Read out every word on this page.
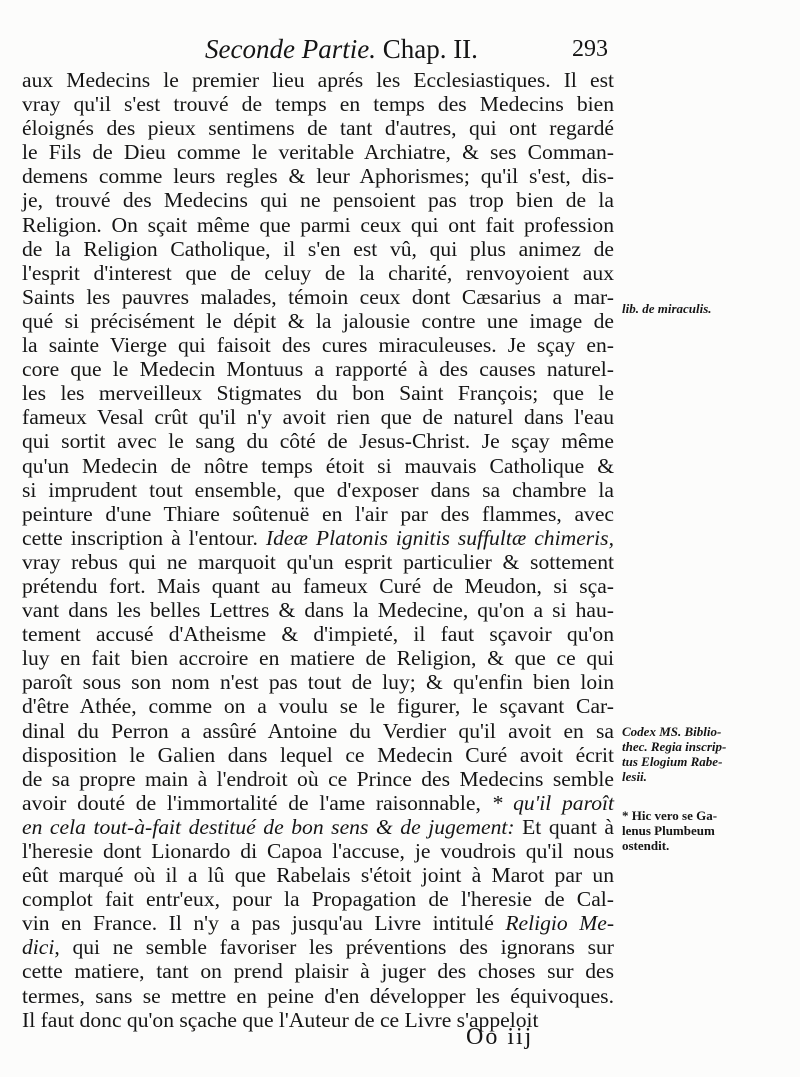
Seconde Partie. Chap. II.	293
aux Medecins le premier lieu aprés les Ecclesiastiques. Il est
vray qu'il s'est trouvé de temps en temps des Medecins bien
éloignés des pieux sentimens de tant d'autres, qui ont regardé
le Fils de Dieu comme le veritable Archiatre, & ses Comman-
demens comme leurs regles & leur Aphorismes; qu'il s'est, dis-
je, trouvé des Medecins qui ne pensoient pas trop bien de la
Religion. On sçait même que parmi ceux qui ont fait profession
de la Religion Catholique, il s'en est vû, qui plus animez de
l'esprit d'interest que de celuy de la charité, renvoyoient aux
Saints les pauvres malades, témoin ceux dont Cæsarius a mar-
qué si précisément le dépit & la jalousie contre une image de
la sainte Vierge qui faisoit des cures miraculeuses. Je sçay en-
core que le Medecin Montuus a rapporté à des causes naturel-
les les merveilleux Stigmates du bon Saint François; que le
fameux Vesal crût qu'il n'y avoit rien que de naturel dans l'eau
qui sortit avec le sang du côté de Jesus-Christ. Je sçay même
qu'un Medecin de nôtre temps étoit si mauvais Catholique &
si imprudent tout ensemble, que d'exposer dans sa chambre la
peinture d'une Thiare soûtenuë en l'air par des flammes, avec
cette inscription à l'entour. Ideæ Platonis ignitis suffultæ chimeris,
vray rebus qui ne marquoit qu'un esprit particulier & sottement
prétendu fort. Mais quant au fameux Curé de Meudon, si sça-
vant dans les belles Lettres & dans la Medecine, qu'on a si hau-
tement accusé d'Atheisme & d'impieté, il faut sçavoir qu'on
luy en fait bien accroire en matiere de Religion, & que ce qui
paroît sous son nom n'est pas tout de luy; & qu'enfin bien loin
d'être Athée, comme on a voulu se le figurer, le sçavant Car-
dinal du Perron a assûré Antoine du Verdier qu'il avoit en sa
disposition le Galien dans lequel ce Medecin Curé avoit écrit
de sa propre main à l'endroit où ce Prince des Medecins semble
avoir douté de l'immortalité de l'ame raisonnable, * qu'il paroît
en cela tout-à-fait destitué de bon sens & de jugement: Et quant à
l'heresie dont Lionardo di Capoa l'accuse, je voudrois qu'il nous
eût marqué où il a lû que Rabelais s'étoit joint à Marot par un
complot fait entr'eux, pour la Propagation de l'heresie de Cal-
vin en France. Il n'y a pas jusqu'au Livre intitulé Religio Me-
dici, qui ne semble favoriser les préventions des ignorans sur
cette matiere, tant on prend plaisir à juger des choses sur des
termes, sans se mettre en peine d'en développer les équivoques.
Il faut donc qu'on sçache que l'Auteur de ce Livre s'appeloit
lib. de miraculis.
Codex MS. Biblio-
thec. Regia inscrip-
tus Elogium Rabe-
lesii.
* Hic vero se Ga-
lenus Plumbeum
ostendit.
Oo iij
